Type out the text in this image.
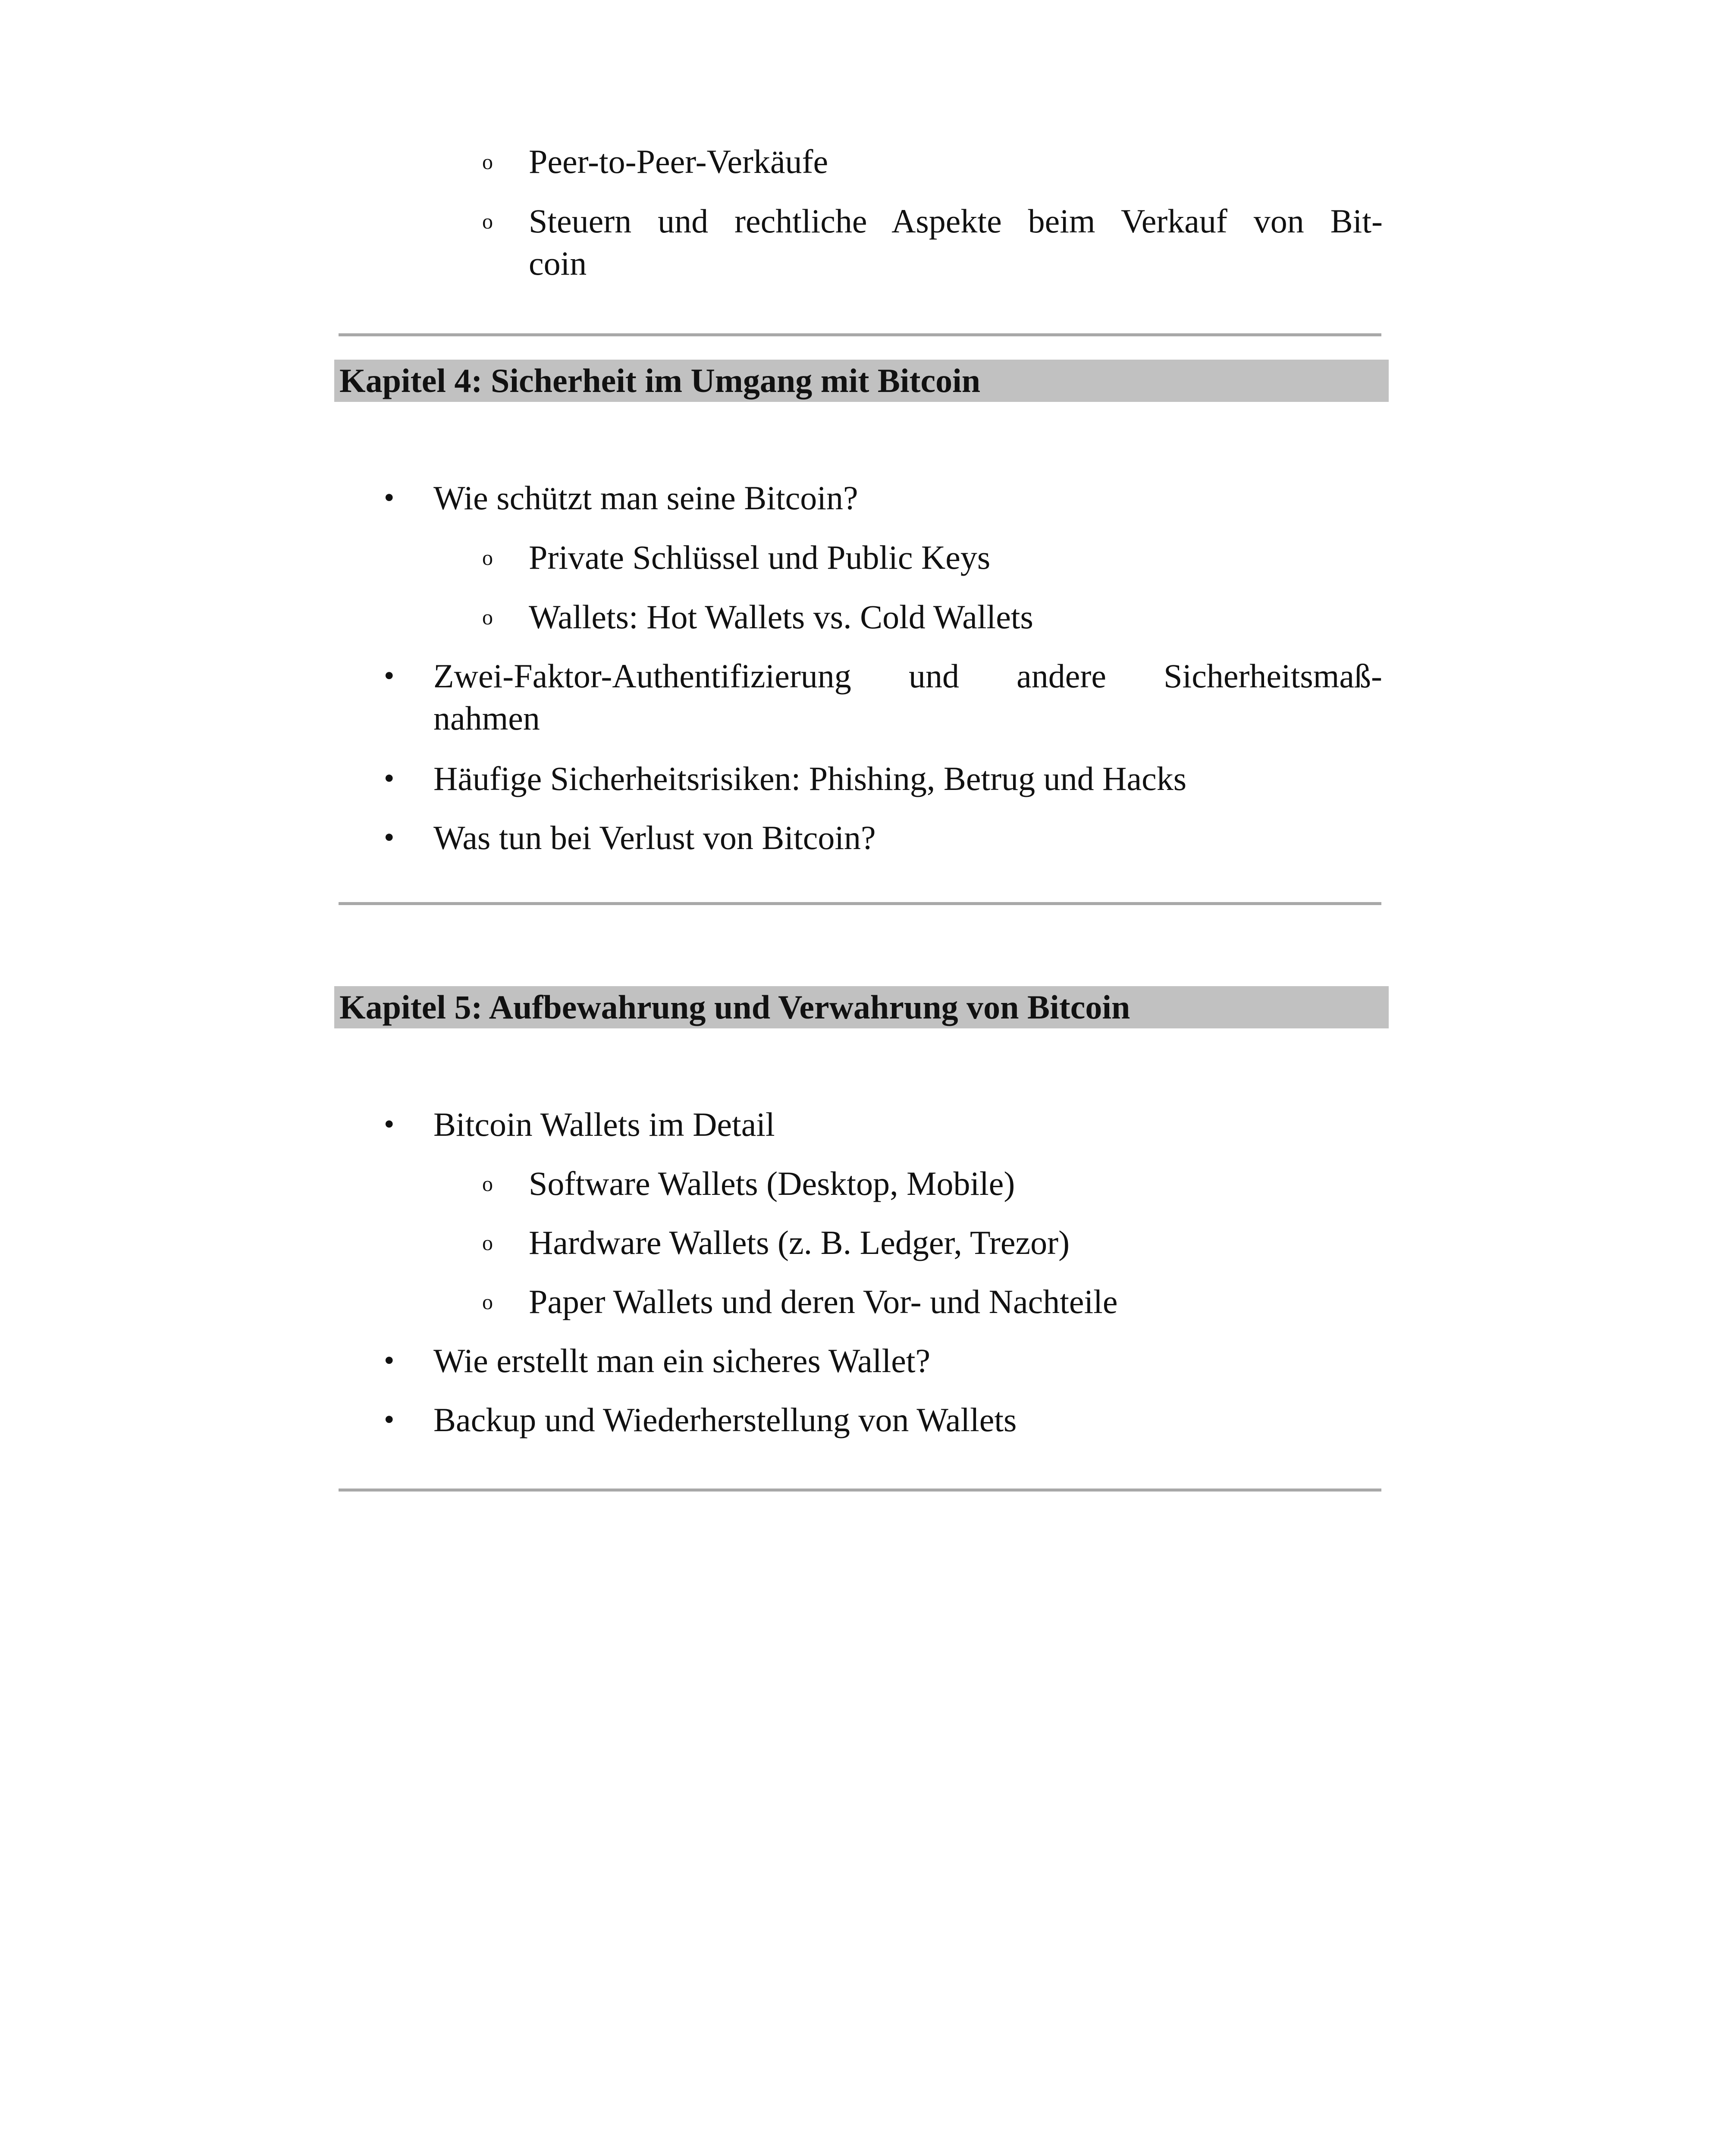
o Peer-to-Peer-Verkäufe
o Steuern und rechtliche Aspekte beim Verkauf von Bit-
coin
Kapitel 4: Sicherheit im Umgang mit Bitcoin
• Wie schützt man seine Bitcoin?
o Private Schlüssel und Public Keys
o Wallets: Hot Wallets vs. Cold Wallets
• Zwei-Faktor-Authentifizierung und andere Sicherheitsmaß-
nahmen
• Häufige Sicherheitsrisiken: Phishing, Betrug und Hacks
• Was tun bei Verlust von Bitcoin?
Kapitel 5: Aufbewahrung und Verwahrung von Bitcoin
• Bitcoin Wallets im Detail
o Software Wallets (Desktop, Mobile)
o Hardware Wallets (z. B. Ledger, Trezor)
o Paper Wallets und deren Vor- und Nachteile
• Wie erstellt man ein sicheres Wallet?
• Backup und Wiederherstellung von Wallets
